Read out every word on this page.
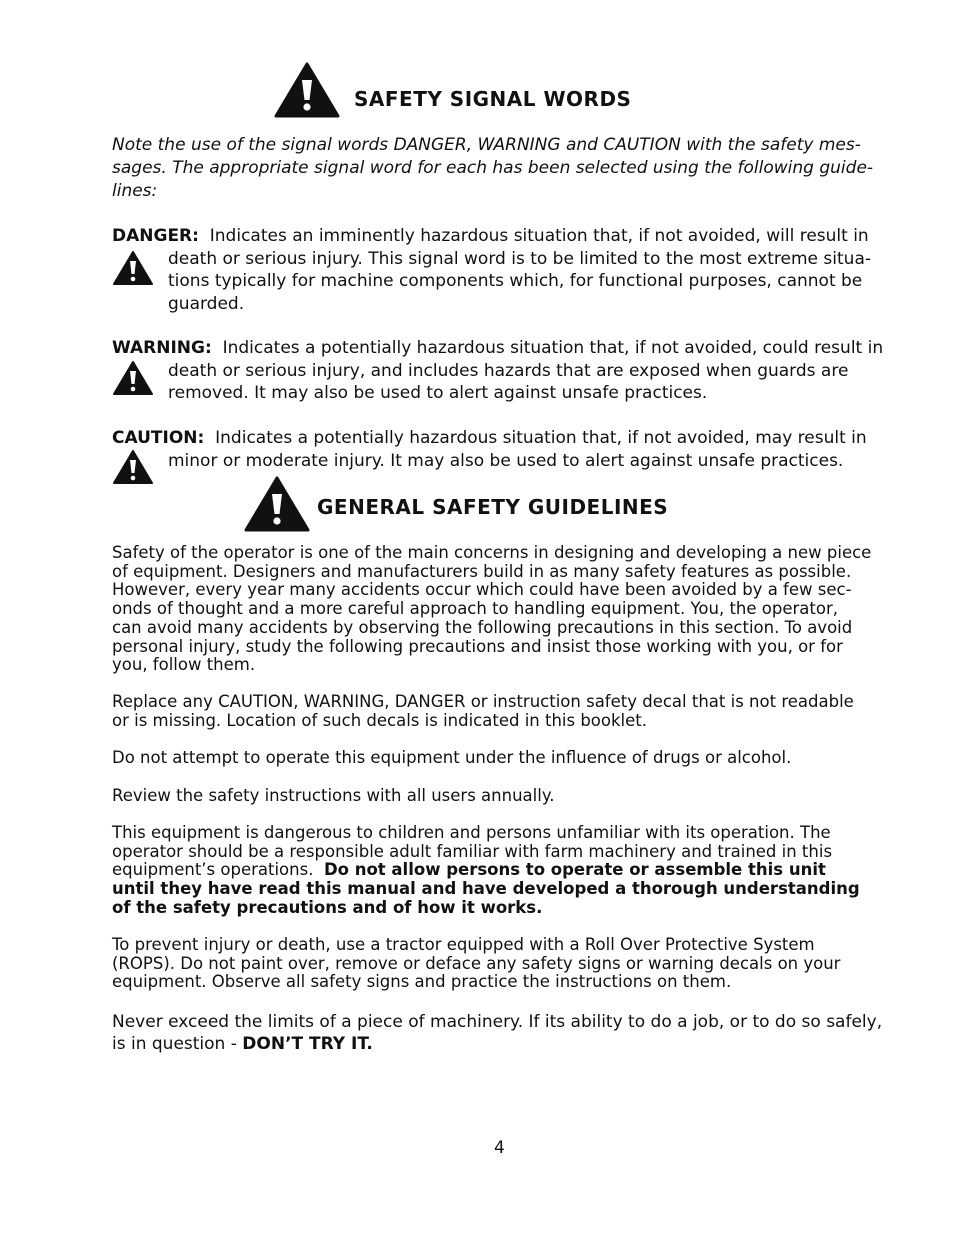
SAFETY SIGNAL WORDS
Note the use of the signal words DANGER, WARNING and CAUTION with the safety mes-
sages. The appropriate signal word for each has been selected using the following guide-
lines:
DANGER: Indicates an imminently hazardous situation that, if not avoided, will result in
death or serious injury. This signal word is to be limited to the most extreme situa-
tions typically for machine components which, for functional purposes, cannot be
guarded.
WARNING: Indicates a potentially hazardous situation that, if not avoided, could result in
death or serious injury, and includes hazards that are exposed when guards are
removed. It may also be used to alert against unsafe practices.
CAUTION: Indicates a potentially hazardous situation that, if not avoided, may result in
minor or moderate injury. It may also be used to alert against unsafe practices.
GENERAL SAFETY GUIDELINES
Safety of the operator is one of the main concerns in designing and developing a new piece
of equipment. Designers and manufacturers build in as many safety features as possible.
However, every year many accidents occur which could have been avoided by a few sec-
onds of thought and a more careful approach to handling equipment. You, the operator,
can avoid many accidents by observing the following precautions in this section. To avoid
personal injury, study the following precautions and insist those working with you, or for
you, follow them.
Replace any CAUTION, WARNING, DANGER or instruction safety decal that is not readable
or is missing. Location of such decals is indicated in this booklet.
Do not attempt to operate this equipment under the influence of drugs or alcohol.
Review the safety instructions with all users annually.
This equipment is dangerous to children and persons unfamiliar with its operation. The
operator should be a responsible adult familiar with farm machinery and trained in this
equipment’s operations.  Do not allow persons to operate or assemble this unit
until they have read this manual and have developed a thorough understanding
of the safety precautions and of how it works.
To prevent injury or death, use a tractor equipped with a Roll Over Protective System
(ROPS). Do not paint over, remove or deface any safety signs or warning decals on your
equipment. Observe all safety signs and practice the instructions on them.
Never exceed the limits of a piece of machinery. If its ability to do a job, or to do so safely,
is in question - DON’T TRY IT.
4
